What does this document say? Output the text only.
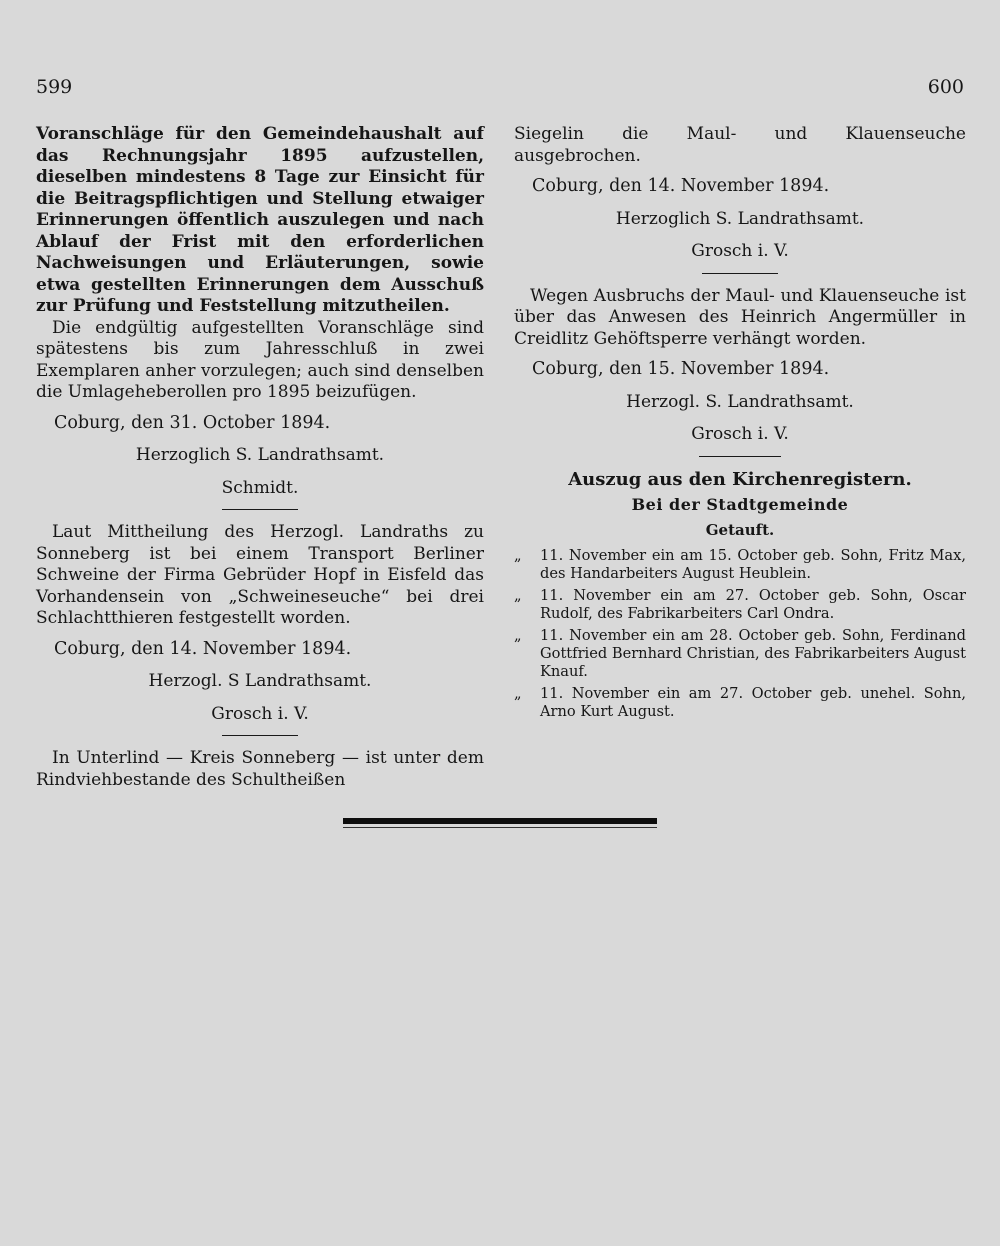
599	600

Voranschläge für den Gemeindehaushalt auf das Rechnungsjahr 1895 aufzustellen, dieselben mindestens 8 Tage zur Einsicht für die Beitragspflichtigen und Stellung etwaiger Erinnerungen öffentlich auszulegen und nach Ablauf der Frist mit den erforderlichen Nachweisungen und Erläuterungen, sowie etwa gestellten Erinnerungen dem Ausschuß zur Prüfung und Feststellung mitzutheilen.

Die endgültig aufgestellten Voranschläge sind spätestens bis zum Jahresschluß in zwei Exemplaren anher vorzulegen; auch sind denselben die Umlageheberollen pro 1895 beizufügen.

Coburg, den 31. October 1894.
Herzoglich S. Landrathsamt.
Schmidt.

Laut Mittheilung des Herzogl. Landraths zu Sonneberg ist bei einem Transport Berliner Schweine der Firma Gebrüder Hopf in Eisfeld das Vorhandensein von „Schweineseuche“ bei drei Schlachtthieren festgestellt worden.

Coburg, den 14. November 1894.
Herzogl. S Landrathsamt.
Grosch i. V.

In Unterlind — Kreis Sonneberg — ist unter dem Rindviehbestande des Schultheißen

Siegelin die Maul- und Klauenseuche ausgebrochen.

Coburg, den 14. November 1894.
Herzoglich S. Landrathsamt.
Grosch i. V.

Wegen Ausbruchs der Maul- und Klauenseuche ist über das Anwesen des Heinrich Angermüller in Creidlitz Gehöftsperre verhängt worden.

Coburg, den 15. November 1894.
Herzogl. S. Landrathsamt.
Grosch i. V.
Auszug aus den Kirchenregistern.
Bei der Stadtgemeinde
Getauft.
„	11. November ein am 15. October geb. Sohn, Fritz Max, des Handarbeiters August Heublein.
„	11. November ein am 27. October geb. Sohn, Oscar Rudolf, des Fabrikarbeiters Carl Ondra.
„	11. November ein am 28. October geb. Sohn, Ferdinand Gottfried Bernhard Christian, des Fabrikarbeiters August Knauf.
„	11. November ein am 27. October geb. unehel. Sohn, Arno Kurt August.
